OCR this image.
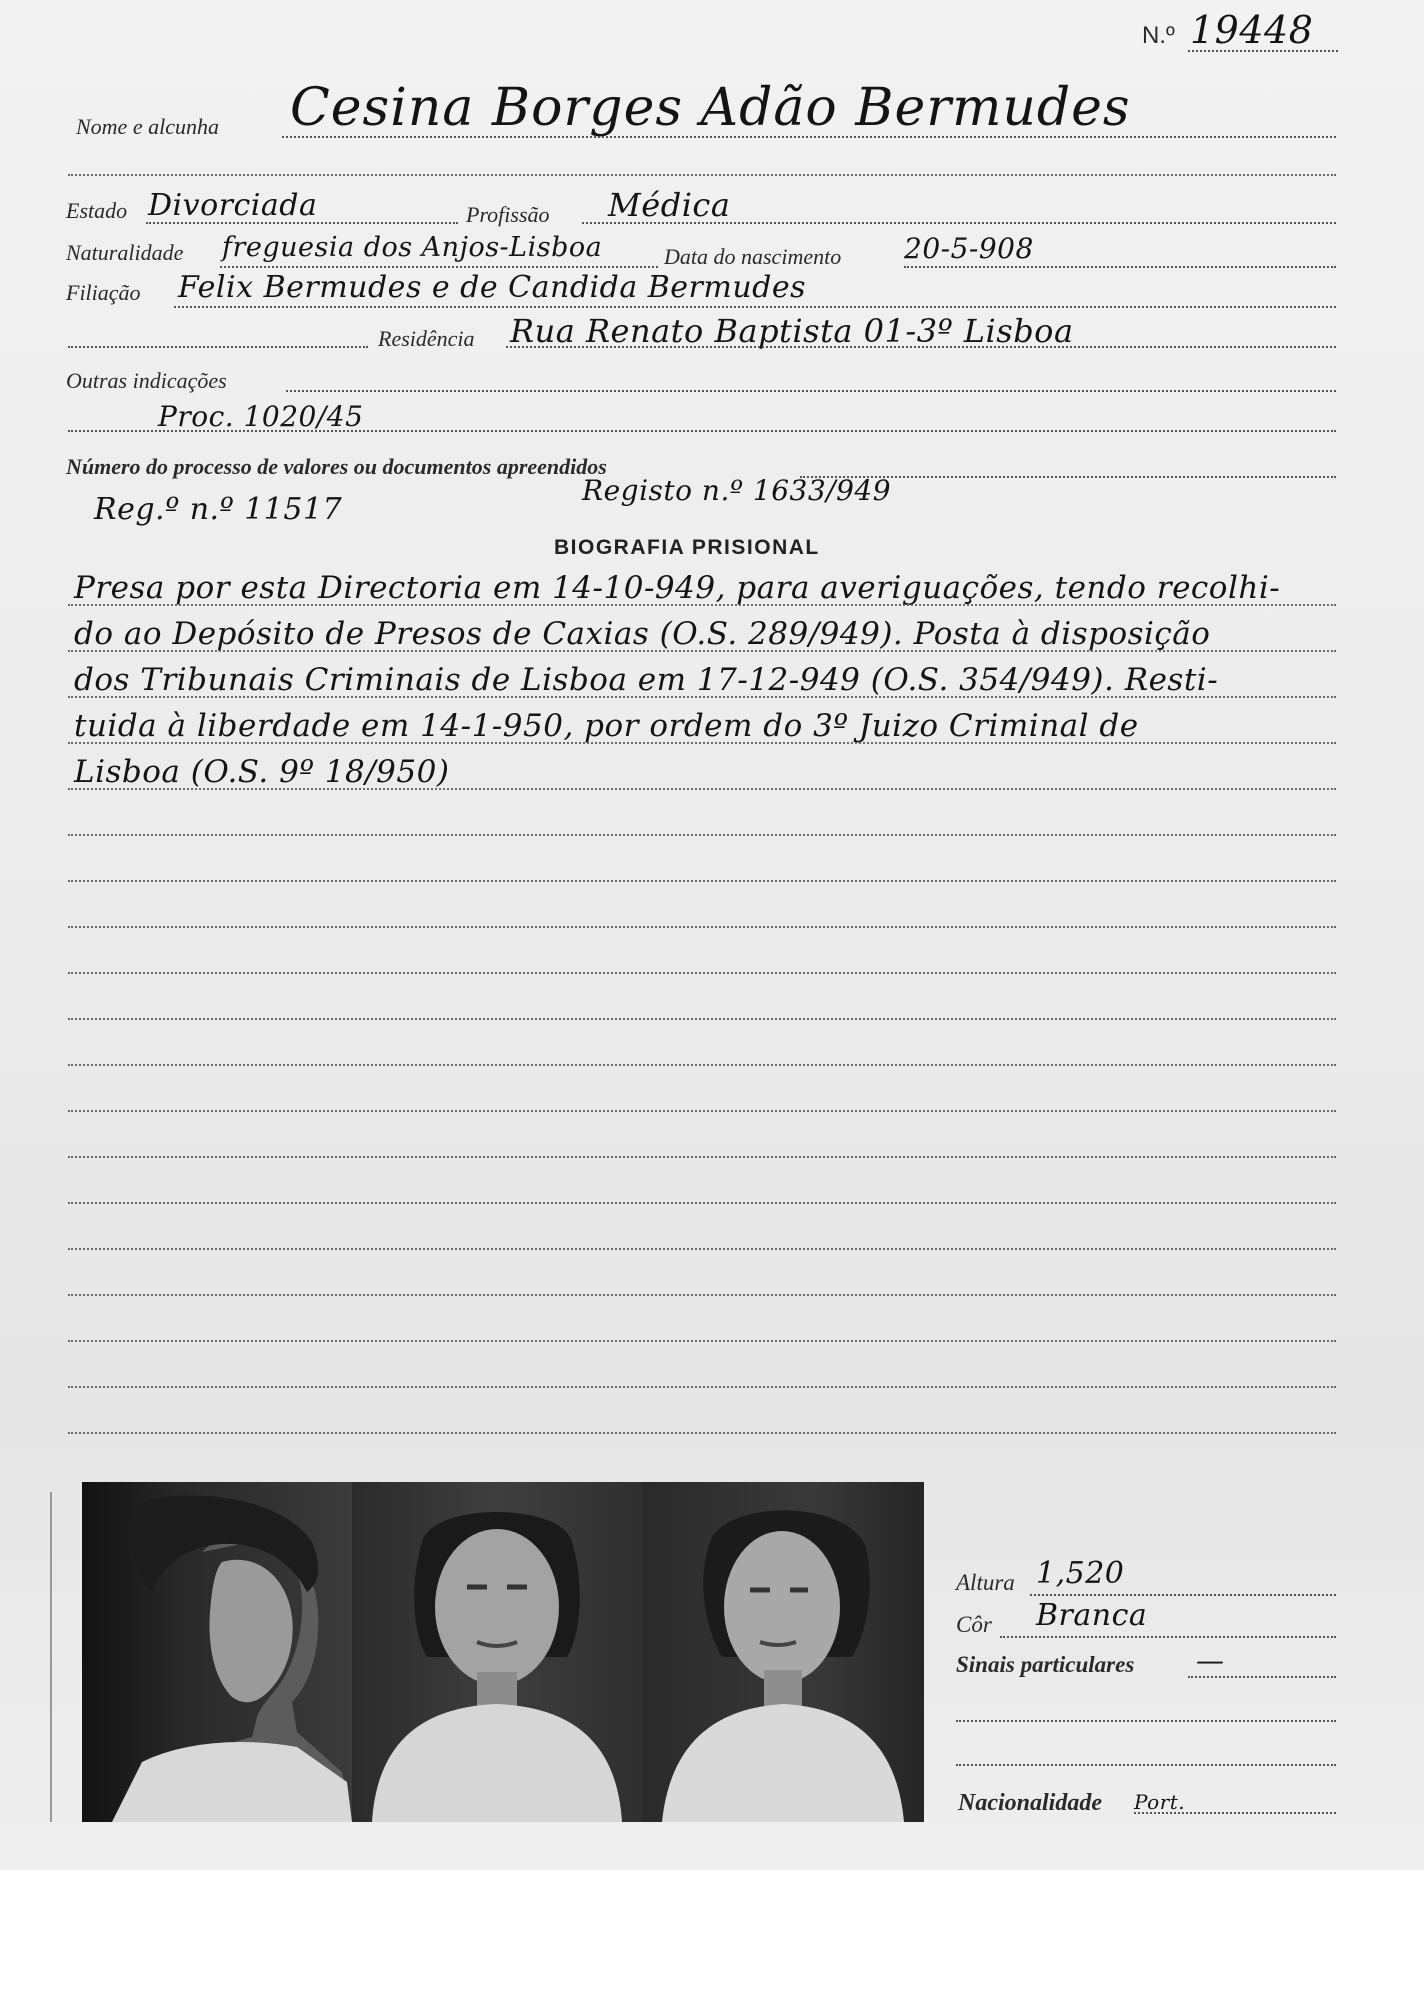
N.º 19448
Nome e alcunha Cesina Borges Adão Bermudes
Estado Divorciada	Profissão Médica
Naturalidade freguesia dos Anjos-Lisboa	Data do nascimento 20-5-908
Filiação Felix Bermudes e de Candida Bermudes
Residência Rua Renato Baptista 01-3º Lisboa
Outras indicações
Proc. 1020/45
Número do processo de valores ou documentos apreendidos
Registo n.º 1633/949
Reg.º n.º 11517
BIOGRAFIA PRISIONAL
Presa por esta Directoria em 14-10-949, para averiguações, tendo recolhi-
do ao Depósito de Presos de Caxias (O.S. 289/949). Posta à disposição
dos Tribunais Criminais de Lisboa em 17-12-949 (O.S. 354/949). Resti-
tuida à liberdade em 14-1-950, por ordem do 3º Juizo Criminal de
Lisboa (O.S. 9º 18/950)
Altura 1,520
Côr Branca
Sinais particulares —
Nacionalidade Port.
